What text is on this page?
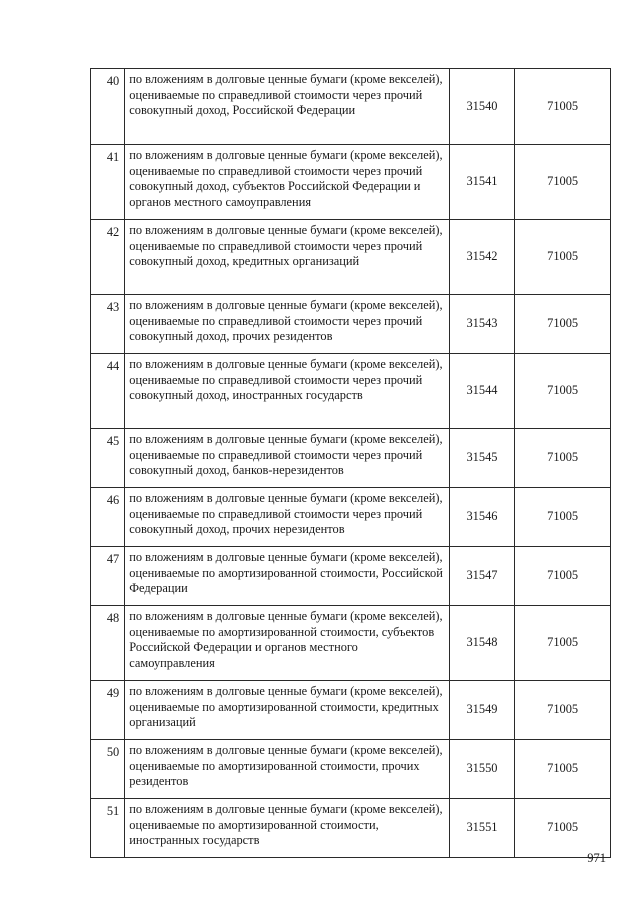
40	по вложениям в долговые ценные бумаги (кроме векселей), оцениваемые по справедливой стоимости через прочий совокупный доход, Российской Федерации	31540	71005
41	по вложениям в долговые ценные бумаги (кроме векселей), оцениваемые по справедливой стоимости через прочий совокупный доход, субъектов Российской Федерации и органов местного самоуправления	31541	71005
42	по вложениям в долговые ценные бумаги (кроме векселей), оцениваемые по справедливой стоимости через прочий совокупный доход, кредитных организаций	31542	71005
43	по вложениям в долговые ценные бумаги (кроме векселей), оцениваемые по справедливой стоимости через прочий совокупный доход, прочих резидентов	31543	71005
44	по вложениям в долговые ценные бумаги (кроме векселей), оцениваемые по справедливой стоимости через прочий совокупный доход, иностранных государств	31544	71005
45	по вложениям в долговые ценные бумаги (кроме векселей), оцениваемые по справедливой стоимости через прочий совокупный доход, банков-нерезидентов	31545	71005
46	по вложениям в долговые ценные бумаги (кроме векселей), оцениваемые по справедливой стоимости через прочий совокупный доход, прочих нерезидентов	31546	71005
47	по вложениям в долговые ценные бумаги (кроме векселей), оцениваемые по амортизированной стоимости, Российской Федерации	31547	71005
48	по вложениям в долговые ценные бумаги (кроме векселей), оцениваемые по амортизированной стоимости, субъектов Российской Федерации и органов местного самоуправления	31548	71005
49	по вложениям в долговые ценные бумаги (кроме векселей), оцениваемые по амортизированной стоимости, кредитных организаций	31549	71005
50	по вложениям в долговые ценные бумаги (кроме векселей), оцениваемые по амортизированной стоимости, прочих резидентов	31550	71005
51	по вложениям в долговые ценные бумаги (кроме векселей), оцениваемые по амортизированной стоимости, иностранных государств	31551	71005
971
